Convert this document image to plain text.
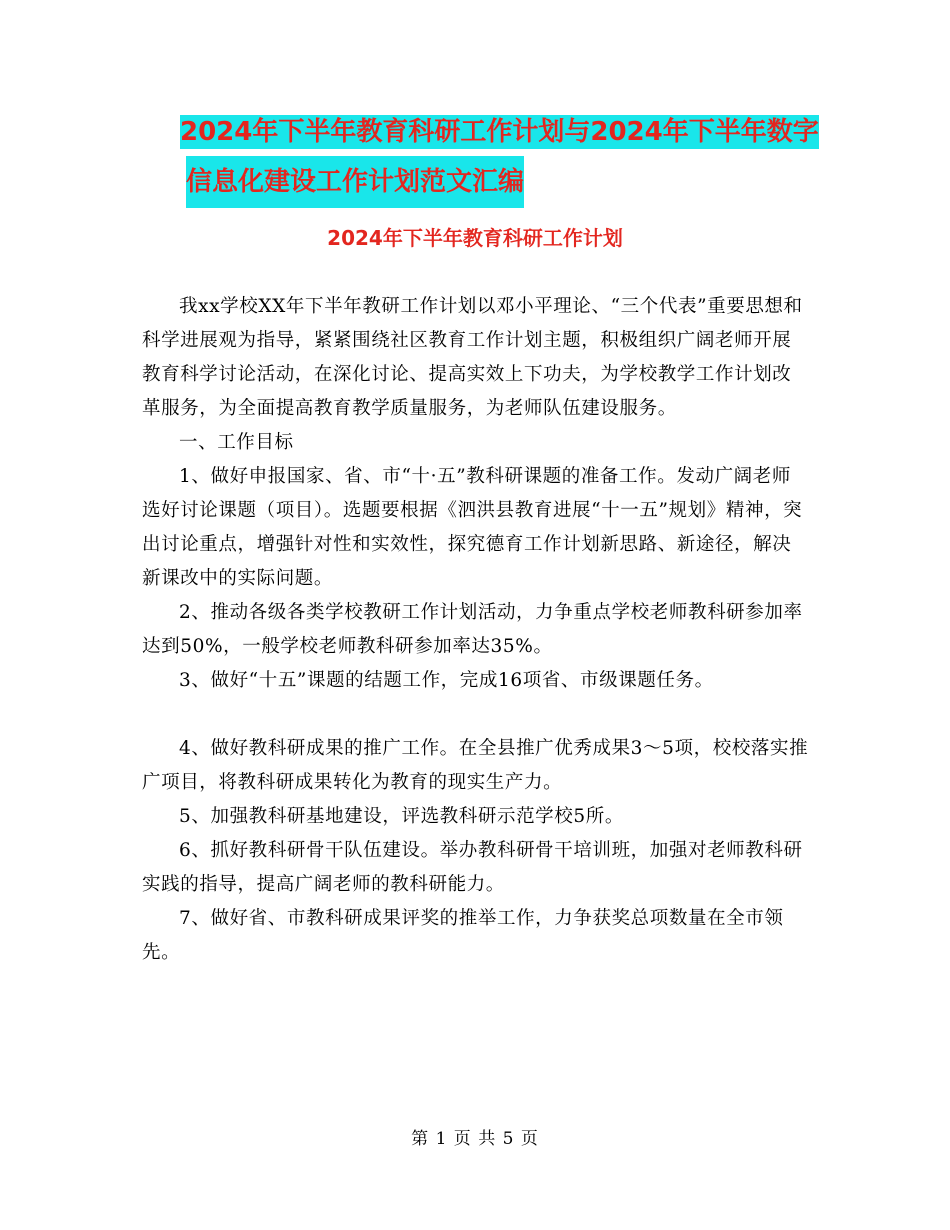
2024年下半年教育科研工作计划与2024年下半年数字
信息化建设工作计划范文汇编
2024年下半年教育科研工作计划

我xx学校XX年下半年教研工作计划以邓小平理论、“三个代表”重要思想和科学进展观为指导，紧紧围绕社区教育工作计划主题，积极组织广阔老师开展教育科学讨论活动，在深化讨论、提高实效上下功夫，为学校教学工作计划改革服务，为全面提高教育教学质量服务，为老师队伍建设服务。

一、工作目标

1、做好申报国家、省、市“十·五”教科研课题的准备工作。发动广阔老师选好讨论课题（项目）。选题要根据《泗洪县教育进展“十一五”规划》精神，突出讨论重点，增强针对性和实效性，探究德育工作计划新思路、新途径，解决新课改中的实际问题。

2、推动各级各类学校教研工作计划活动，力争重点学校老师教科研参加率达到50%，一般学校老师教科研参加率达35%。

3、做好“十五”课题的结题工作，完成16项省、市级课题任务。

4、做好教科研成果的推广工作。在全县推广优秀成果3～5项，校校落实推广项目，将教科研成果转化为教育的现实生产力。

5、加强教科研基地建设，评选教科研示范学校5所。

6、抓好教科研骨干队伍建设。举办教科研骨干培训班，加强对老师教科研实践的指导，提高广阔老师的教科研能力。

7、做好省、市教科研成果评奖的推举工作，力争获奖总项数量在全市领先。

第 1 页 共 5 页
